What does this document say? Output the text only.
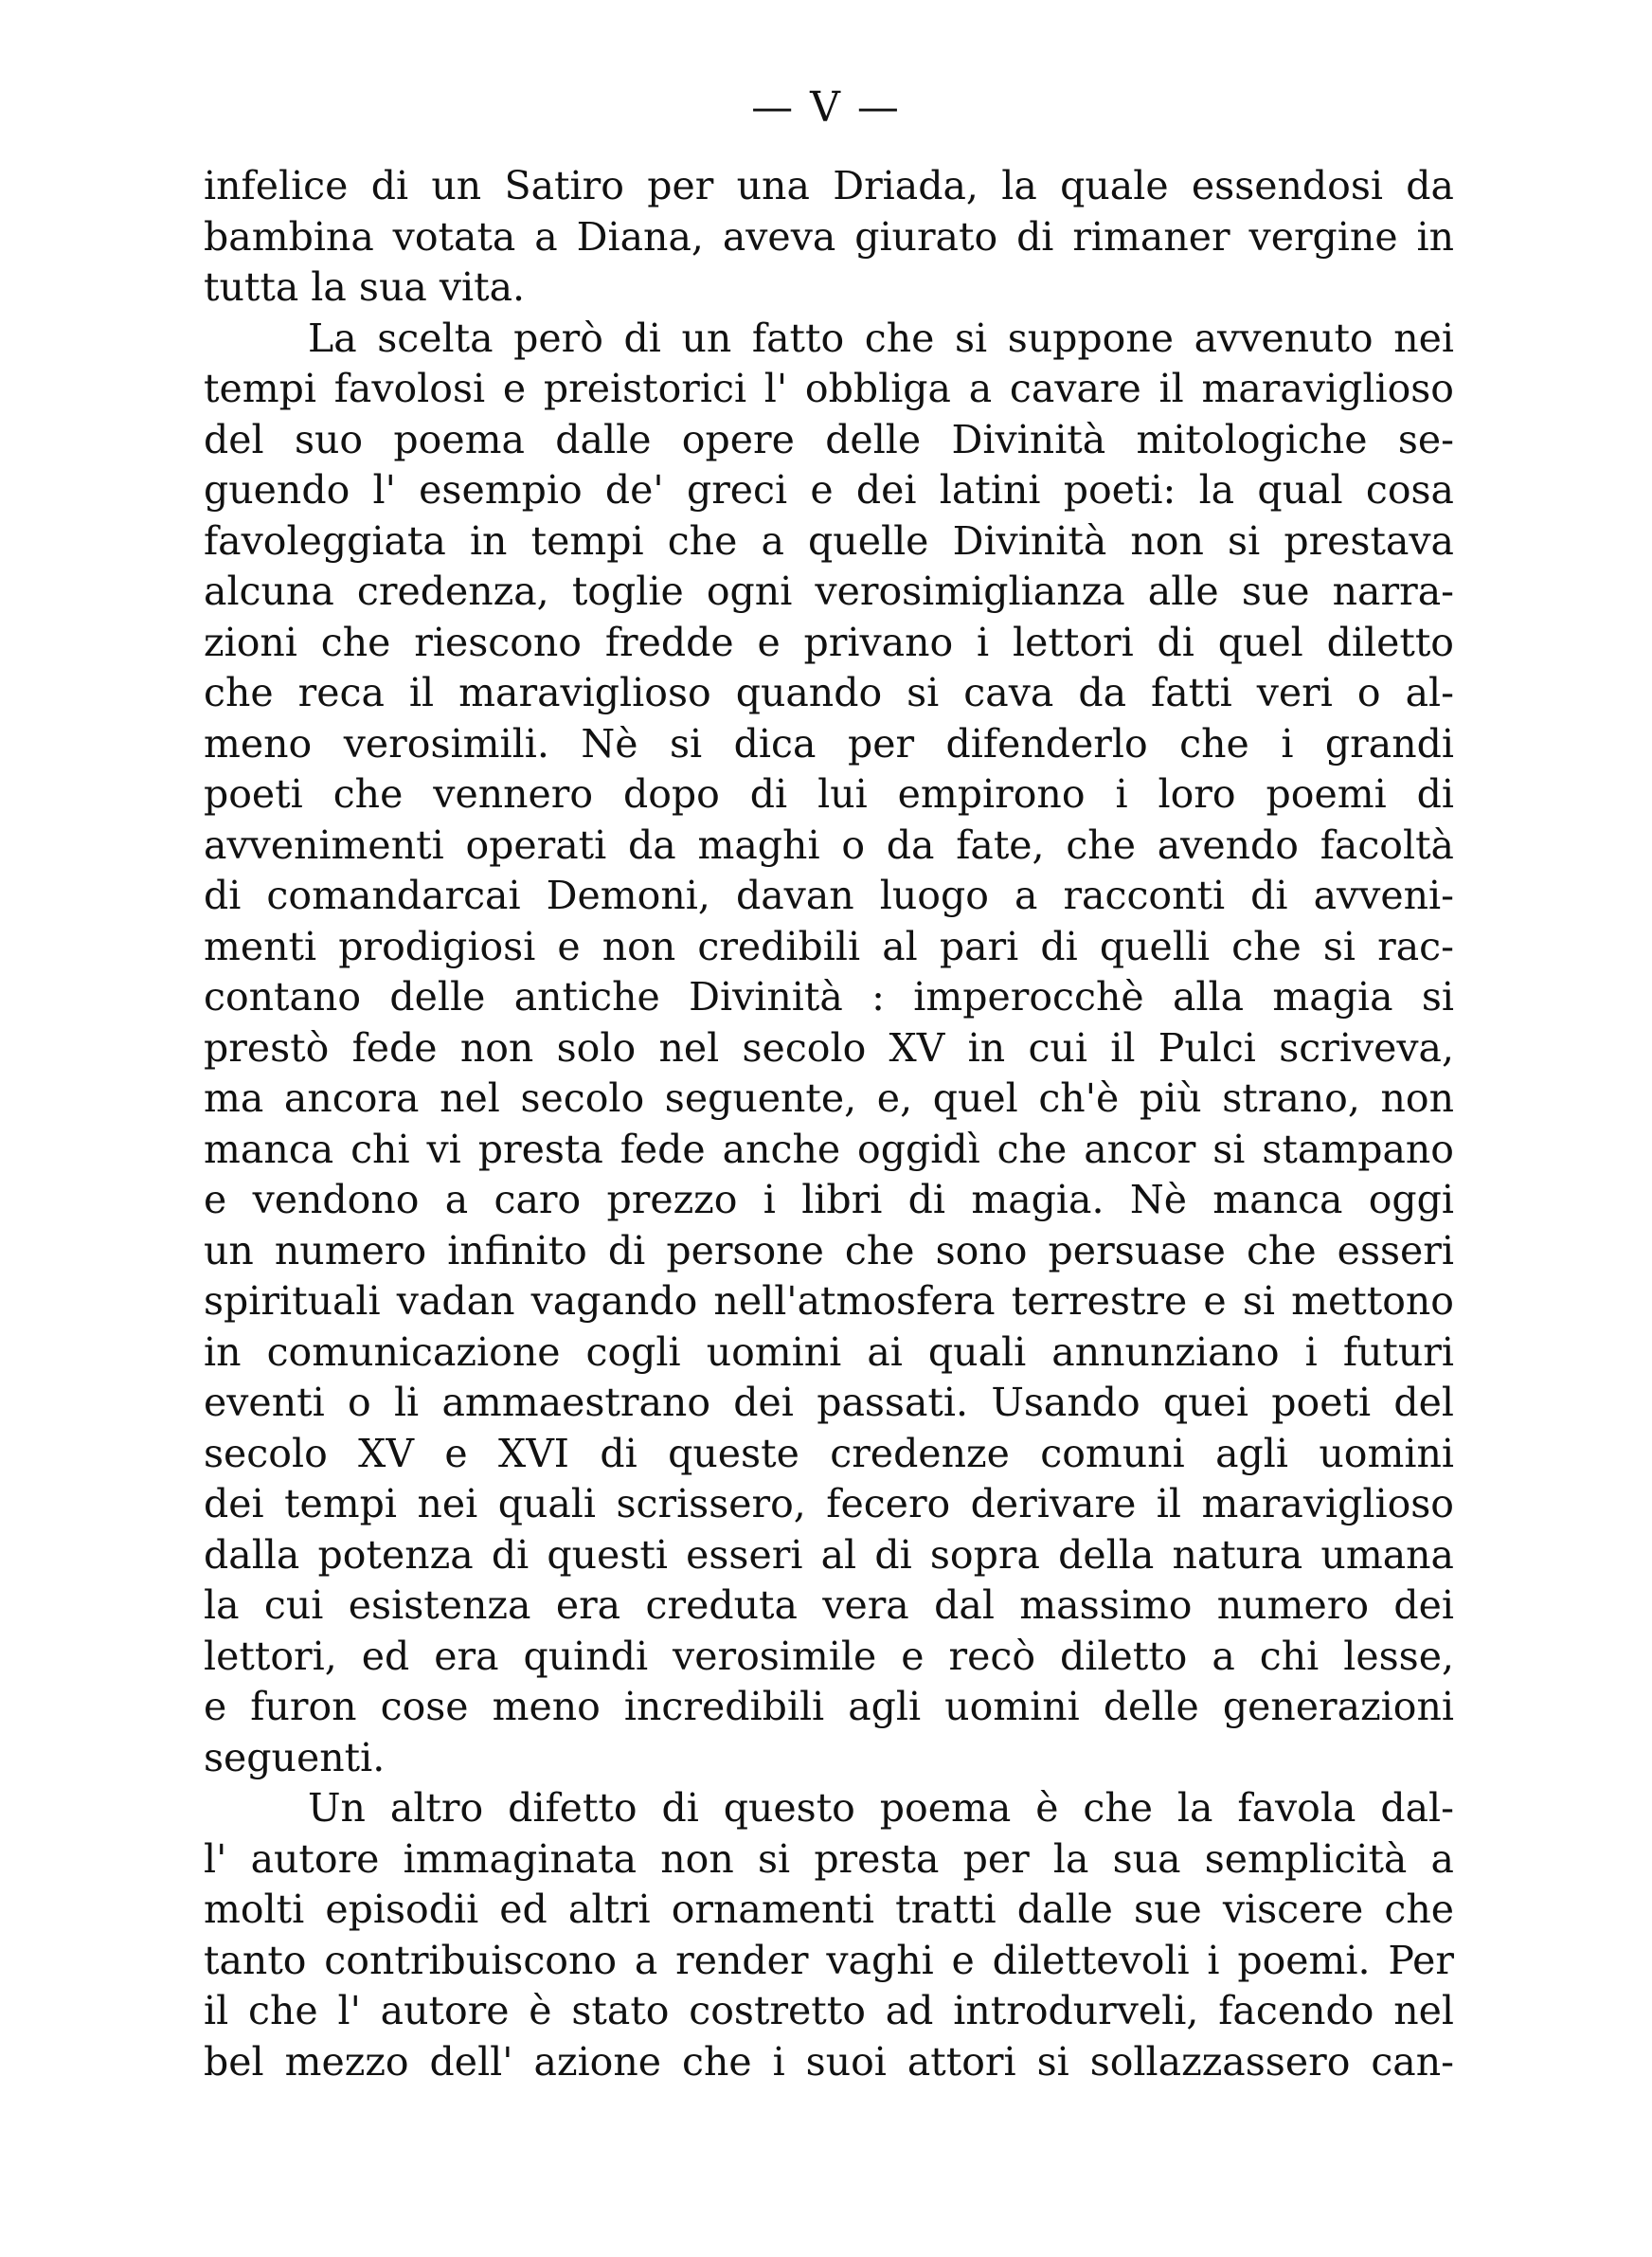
— V —
infelice di un Satiro per una Driada, la quale essendosi da
bambina votata a Diana, aveva giurato di rimaner vergine in
tutta la sua vita.
La scelta però di un fatto che si suppone avvenuto nei
tempi favolosi e preistorici l' obbliga a cavare il maraviglioso
del suo poema dalle opere delle Divinità mitologiche se-
guendo l' esempio de' greci e dei latini poeti: la qual cosa
favoleggiata in tempi che a quelle Divinità non si prestava
alcuna credenza, toglie ogni verosimiglianza alle sue narra-
zioni che riescono fredde e privano i lettori di quel diletto
che reca il maraviglioso quando si cava da fatti veri o al-
meno verosimili. Nè si dica per difenderlo che i grandi
poeti che vennero dopo di lui empirono i loro poemi di
avvenimenti operati da maghi o da fate, che avendo facoltà
di comandarcai Demoni, davan luogo a racconti di avveni-
menti prodigiosi e non credibili al pari di quelli che si rac-
contano delle antiche Divinità : imperocchè alla magia si
prestò fede non solo nel secolo XV in cui il Pulci scriveva,
ma ancora nel secolo seguente, e, quel ch'è più strano, non
manca chi vi presta fede anche oggidì che ancor si stampano
e vendono a caro prezzo i libri di magia. Nè manca oggi
un numero infinito di persone che sono persuase che esseri
spirituali vadan vagando nell'atmosfera terrestre e si mettono
in comunicazione cogli uomini ai quali annunziano i futuri
eventi o li ammaestrano dei passati. Usando quei poeti del
secolo XV e XVI di queste credenze comuni agli uomini
dei tempi nei quali scrissero, fecero derivare il maraviglioso
dalla potenza di questi esseri al di sopra della natura umana
la cui esistenza era creduta vera dal massimo numero dei
lettori, ed era quindi verosimile e recò diletto a chi lesse,
e furon cose meno incredibili agli uomini delle generazioni
seguenti.
Un altro difetto di questo poema è che la favola dal-
l' autore immaginata non si presta per la sua semplicità a
molti episodii ed altri ornamenti tratti dalle sue viscere che
tanto contribuiscono a render vaghi e dilettevoli i poemi. Per
il che l' autore è stato costretto ad introdurveli, facendo nel
bel mezzo dell' azione che i suoi attori si sollazzassero can-
